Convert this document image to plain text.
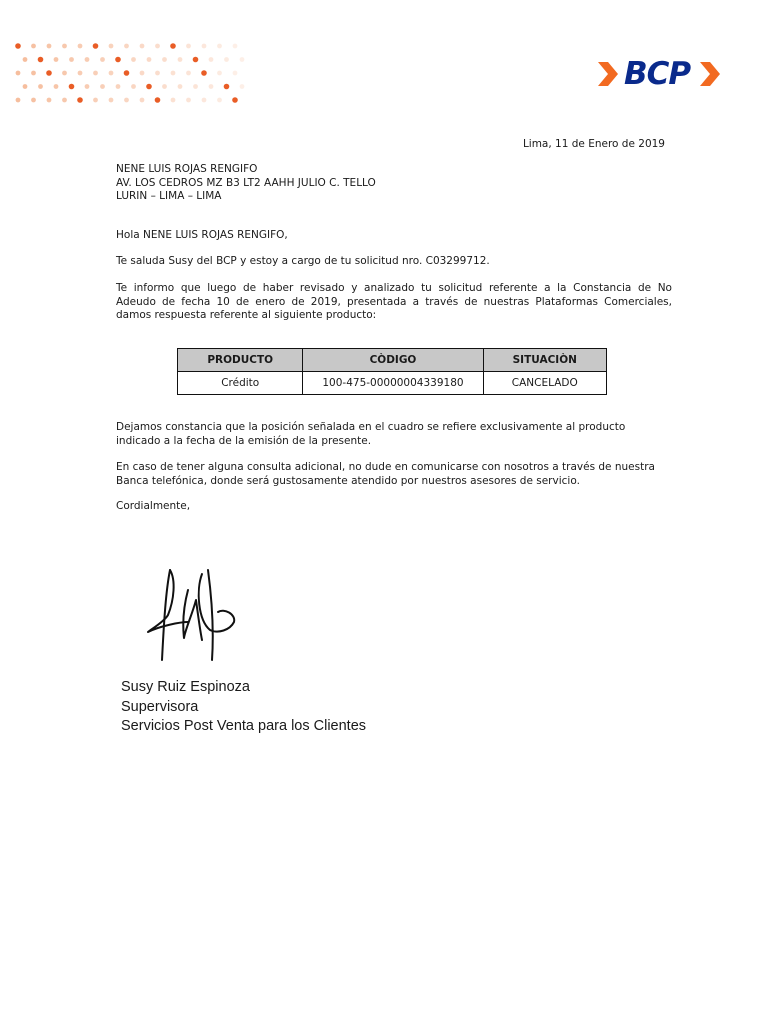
BCP
Lima, 11 de Enero de 2019
NENE LUIS ROJAS RENGIFO
AV. LOS CEDROS MZ B3 LT2 AAHH JULIO C. TELLO
LURIN – LIMA – LIMA
Hola NENE LUIS ROJAS RENGIFO,
Te saluda Susy del BCP y estoy a cargo de tu solicitud nro. C03299712.
Te informo que luego de haber revisado y analizado tu solicitud referente a la Constancia de No
Adeudo de fecha 10 de enero de 2019, presentada a través de nuestras Plataformas Comerciales,
damos respuesta referente al siguiente producto:
PRODUCTO	CÒDIGO	SITUACIÒN
Crédito	100-475-00000004339180	CANCELADO
Dejamos constancia que la posición señalada en el cuadro se refiere exclusivamente al producto
indicado a la fecha de la emisión de la presente.
En caso de tener alguna consulta adicional, no dude en comunicarse con nosotros a través de nuestra
Banca telefónica, donde será gustosamente atendido por nuestros asesores de servicio.
Cordialmente,
Susy Ruiz Espinoza
Supervisora
Servicios Post Venta para los Clientes
